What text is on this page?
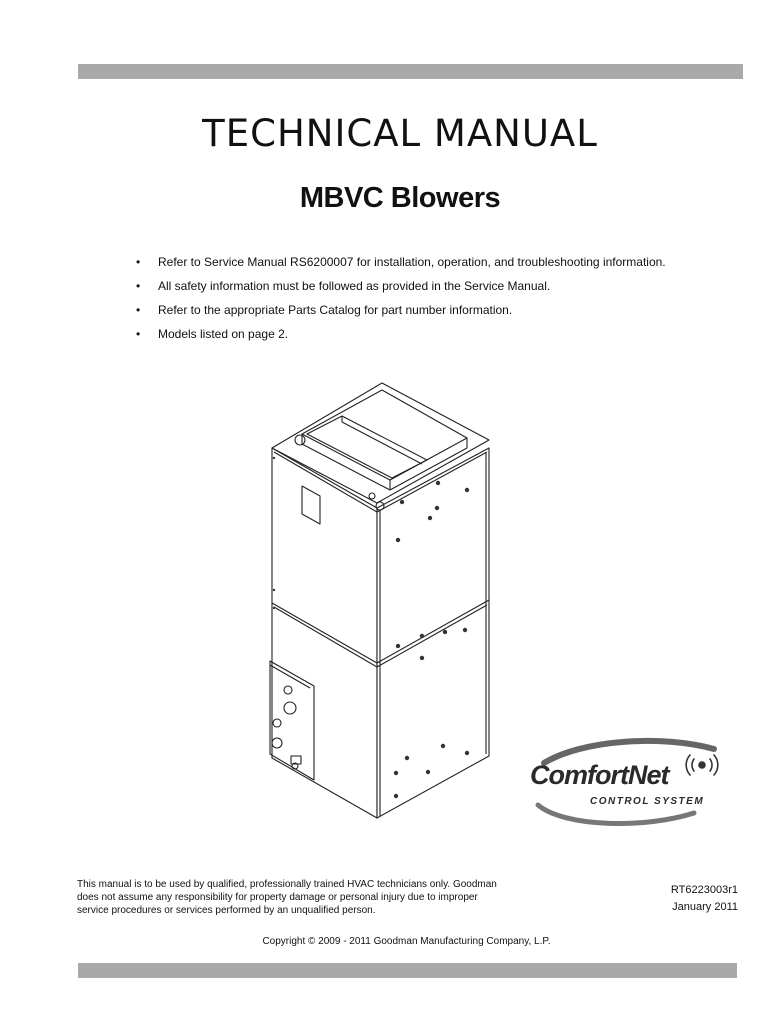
TECHNICAL MANUAL
MBVC Blowers
• Refer to Service Manual RS6200007 for installation, operation, and troubleshooting information.
• All safety information must be followed as provided in the Service Manual.
• Refer to the appropriate Parts Catalog for part number information.
• Models listed on page 2.
ComfortNet
CONTROL SYSTEM
This manual is to be used by qualified, professionally trained HVAC technicians only. Goodman does not assume any responsibility for property damage or personal injury due to improper service procedures or services performed by an unqualified person.
RT6223003r1
January 2011
Copyright © 2009 - 2011 Goodman Manufacturing Company, L.P.
